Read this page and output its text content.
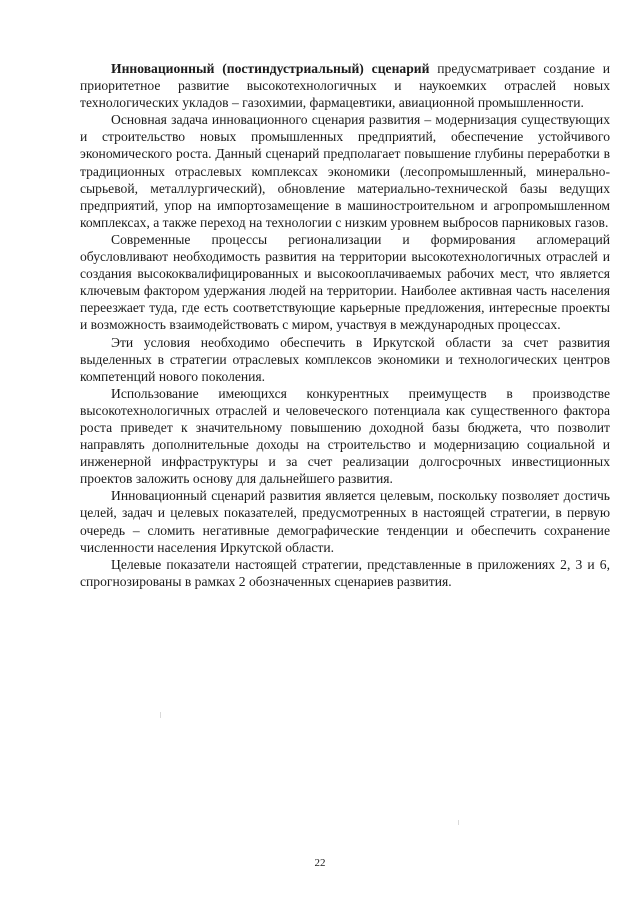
Инновационный (постиндустриальный) сценарий предусматривает создание и приоритетное развитие высокотехнологичных и наукоемких отраслей новых технологических укладов – газохимии, фармацевтики, авиационной промышленности.

Основная задача инновационного сценария развития – модернизация существующих и строительство новых промышленных предприятий, обеспечение устойчивого экономического роста. Данный сценарий предполагает повышение глубины переработки в традиционных отраслевых комплексах экономики (лесопромышленный, минерально-сырьевой, металлургический), обновление материально-технической базы ведущих предприятий, упор на импортозамещение в машиностроительном и агропромышленном комплексах, а также переход на технологии с низким уровнем выбросов парниковых газов.

Современные процессы регионализации и формирования агломераций обусловливают необходимость развития на территории высокотехнологичных отраслей и создания высококвалифицированных и высокооплачиваемых рабочих мест, что является ключевым фактором удержания людей на территории. Наиболее активная часть населения переезжает туда, где есть соответствующие карьерные предложения, интересные проекты и возможность взаимодействовать с миром, участвуя в международных процессах.

Эти условия необходимо обеспечить в Иркутской области за счет развития выделенных в стратегии отраслевых комплексов экономики и технологических центров компетенций нового поколения.

Использование имеющихся конкурентных преимуществ в производстве высокотехнологичных отраслей и человеческого потенциала как существенного фактора роста приведет к значительному повышению доходной базы бюджета, что позволит направлять дополнительные доходы на строительство и модернизацию социальной и инженерной инфраструктуры и за счет реализации долгосрочных инвестиционных проектов заложить основу для дальнейшего развития.

Инновационный сценарий развития является целевым, поскольку позволяет достичь целей, задач и целевых показателей, предусмотренных в настоящей стратегии, в первую очередь – сломить негативные демографические тенденции и обеспечить сохранение численности населения Иркутской области.

Целевые показатели настоящей стратегии, представленные в приложениях 2, 3 и 6, спрогнозированы в рамках 2 обозначенных сценариев развития.

22
